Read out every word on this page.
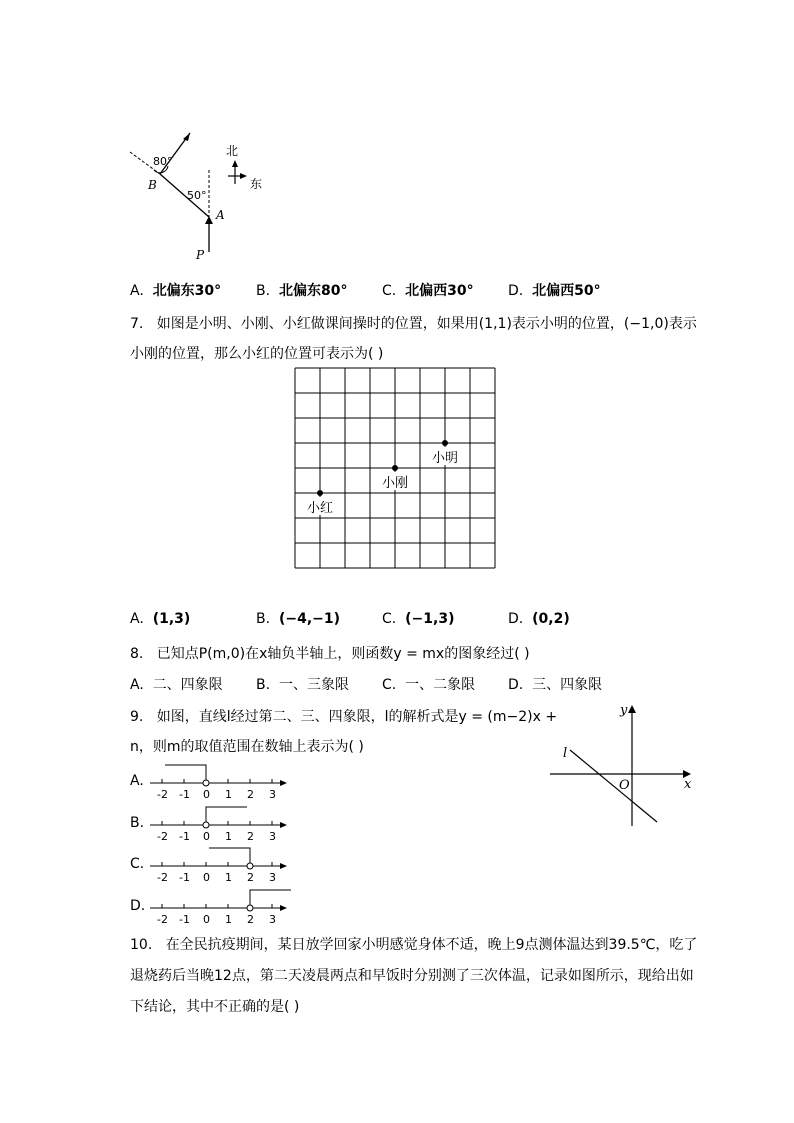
80°
50°
B
A
P
北
东
A. 北偏东30° B. 北偏东80° C. 北偏西30° D. 北偏西50°
7. 如图是小明、小刚、小红做课间操时的位置，如果用(1,1)表示小明的位置，(−1,0)表示
小刚的位置，那么小红的位置可表示为( )
小明
小刚
小红
A. (1,3)	B. (−4,−1)	C. (−1,3)	D. (0,2)
8. 已知点P(m,0)在x轴负半轴上，则函数y = mx的图象经过( )
A. 二、四象限 B. 一、三象限 C. 一、二象限 D. 三、四象限
9. 如图，直线l经过第二、三、四象限，l的解析式是y = (m−2)x +
n，则m的取值范围在数轴上表示为( )	l
x
y
O
A.
-2 -1 0 1 2 3
B.
-2 -1 0 1 2 3
C.
-2 -1 0 1 2 3
D.
-2 -1 0 1 2 3
10. 在全民抗疫期间，某日放学回家小明感觉身体不适，晚上9点测体温达到39.5℃，吃了
退烧药后当晚12点，第二天凌晨两点和早饭时分别测了三次体温，记录如图所示，现给出如
下结论，其中不正确的是( )
